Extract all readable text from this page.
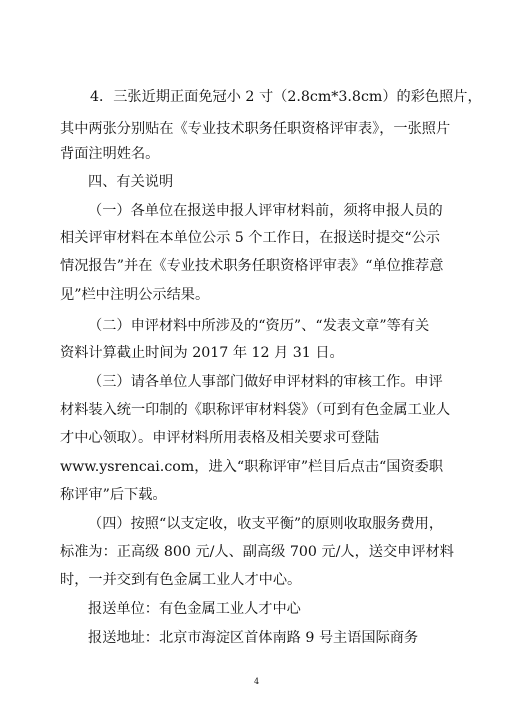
4．三张近期正面免冠小 2 寸（2.8cm*3.8cm）的彩色照片，
其中两张分别贴在《专业技术职务任职资格评审表》，一张照片
背面注明姓名。
四、有关说明
（一）各单位在报送申报人评审材料前，须将申报人员的
相关评审材料在本单位公示 5 个工作日，在报送时提交“公示
情况报告”并在《专业技术职务任职资格评审表》“单位推荐意
见”栏中注明公示结果。
（二）申评材料中所涉及的“资历”、“发表文章”等有关
资料计算截止时间为 2017 年 12 月 31 日。
（三）请各单位人事部门做好申评材料的审核工作。申评
材料装入统一印制的《职称评审材料袋》（可到有色金属工业人
才中心领取）。申评材料所用表格及相关要求可登陆
www.ysrencai.com，进入“职称评审”栏目后点击“国资委职
称评审”后下载。
（四）按照“以支定收，收支平衡”的原则收取服务费用，
标准为：正高级 800 元/人、副高级 700 元/人，送交申评材料
时，一并交到有色金属工业人才中心。
报送单位：有色金属工业人才中心
报送地址：北京市海淀区首体南路 9 号主语国际商务
4
